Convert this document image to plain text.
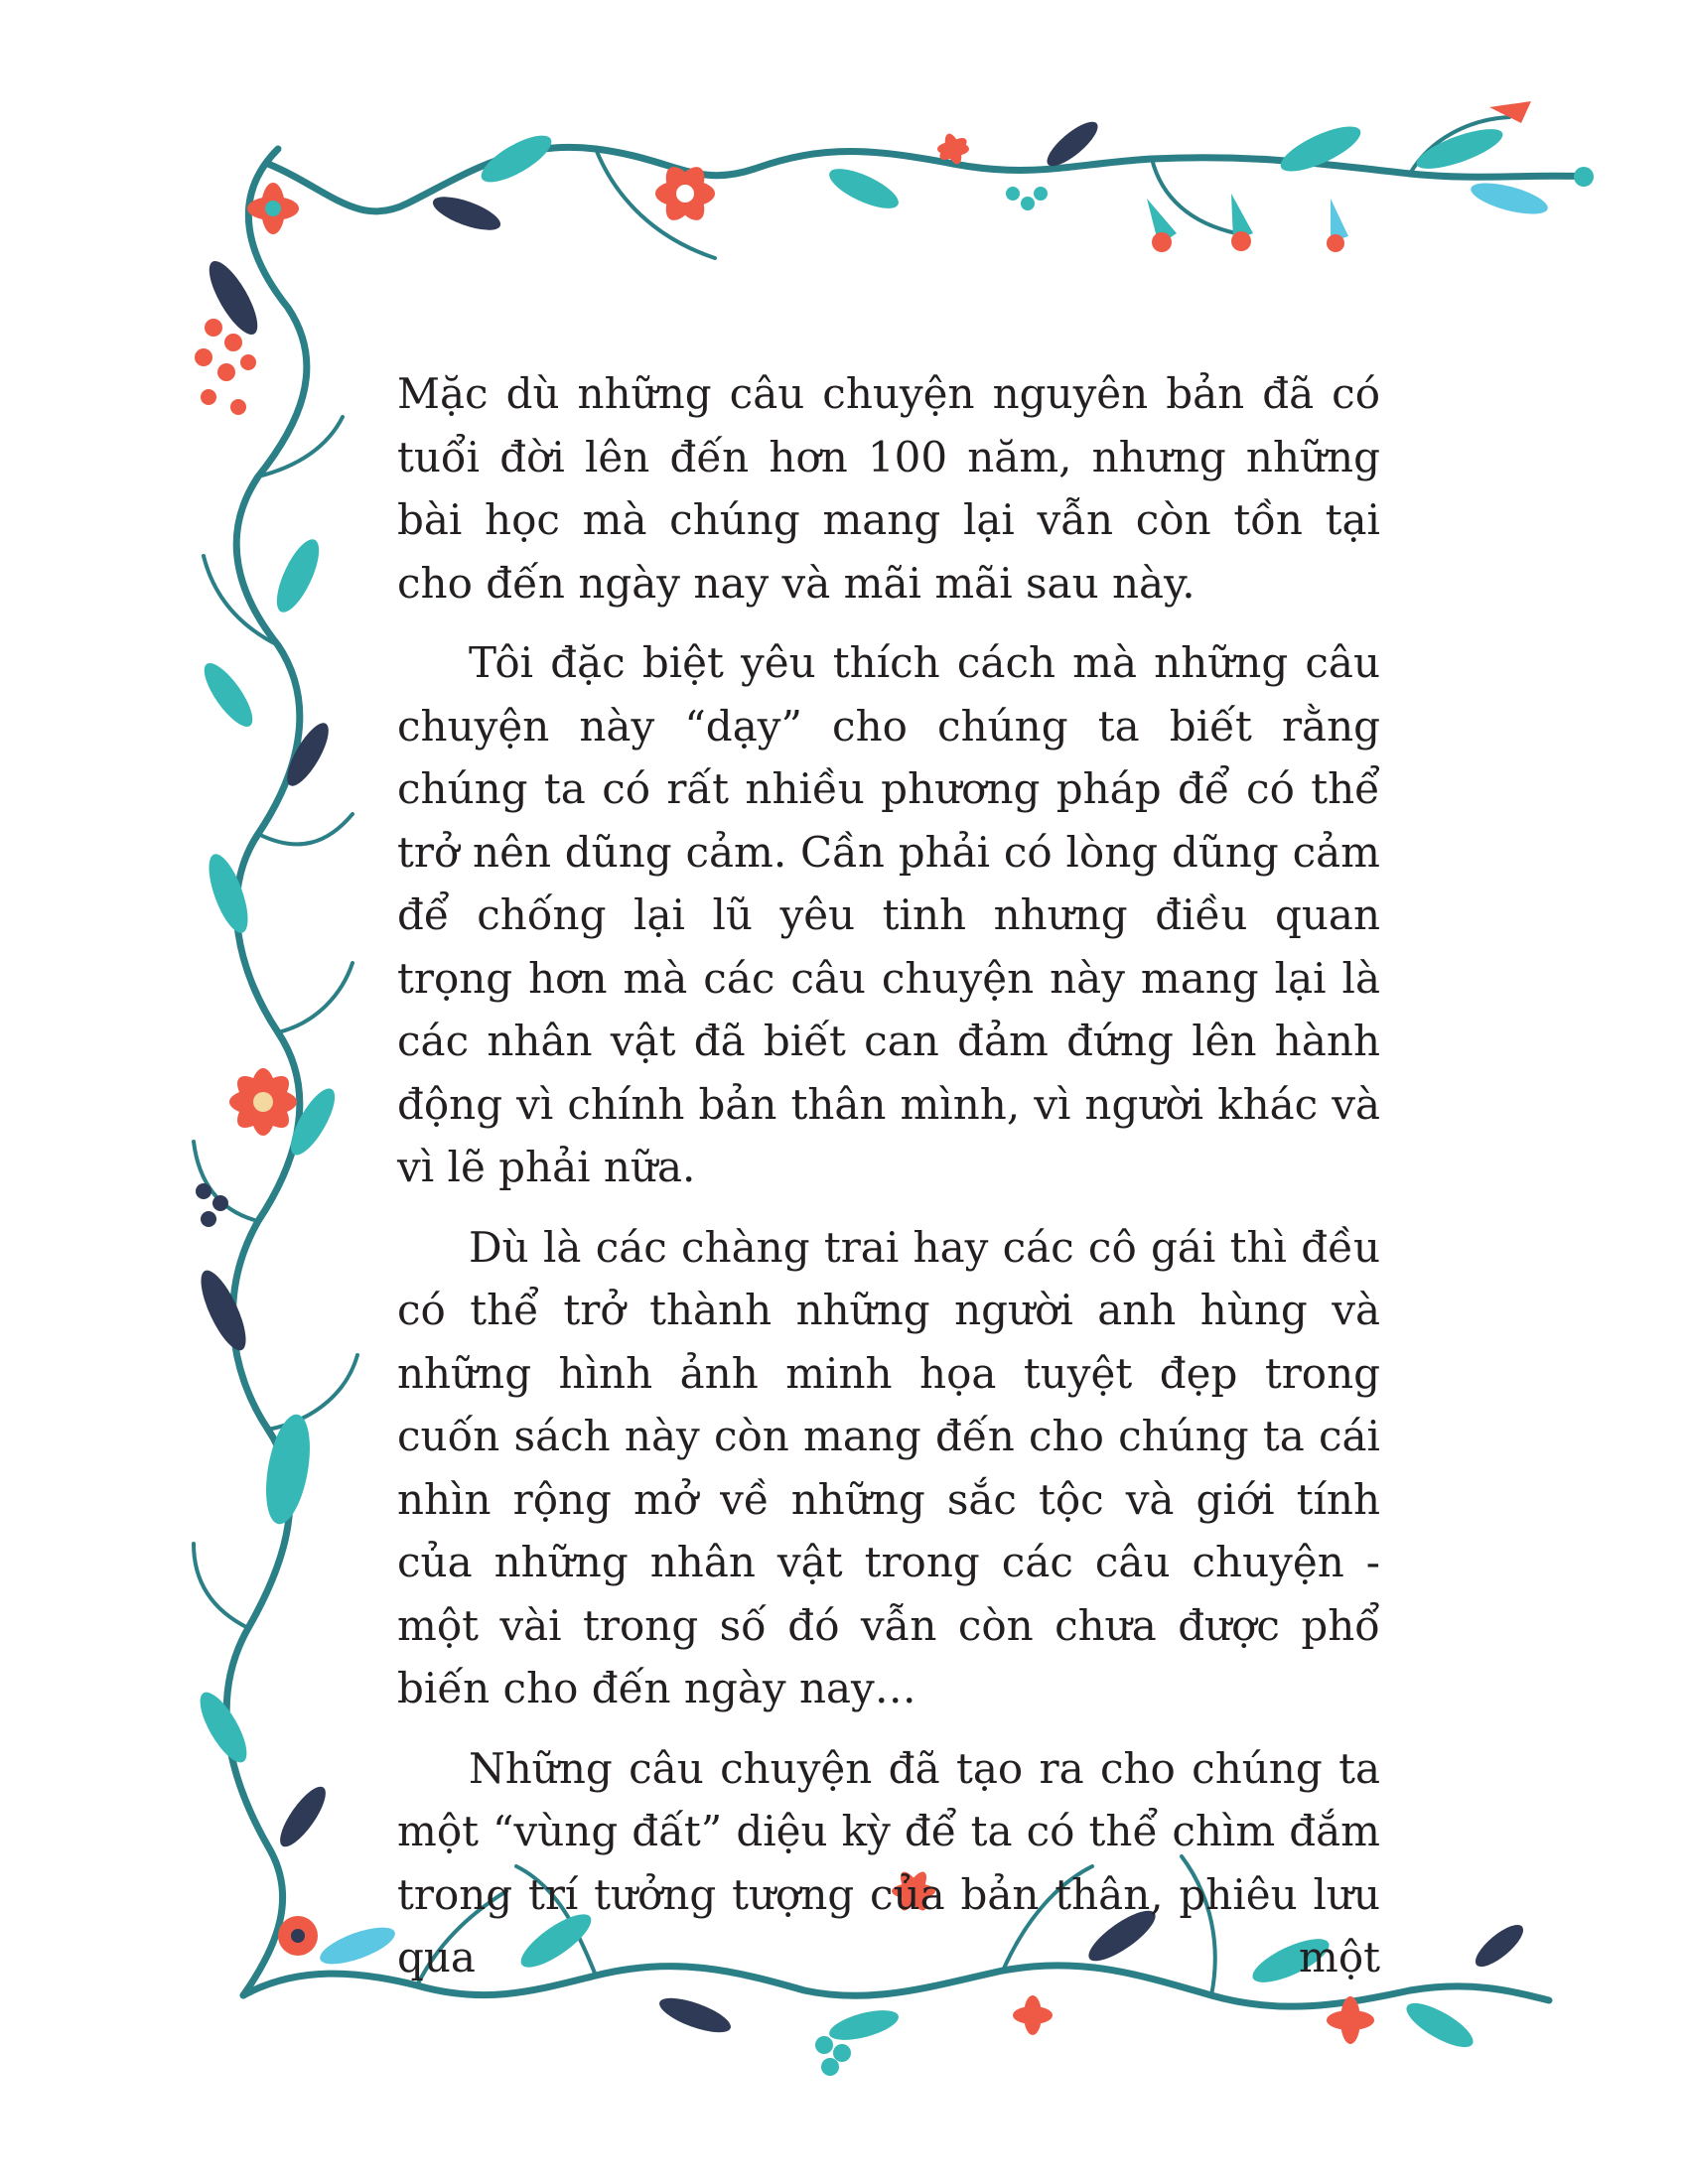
Mặc dù những câu chuyện nguyên bản đã có tuổi đời lên đến hơn 100 năm, nhưng những bài học mà chúng mang lại vẫn còn tồn tại cho đến ngày nay và mãi mãi sau này.

Tôi đặc biệt yêu thích cách mà những câu chuyện này “dạy” cho chúng ta biết rằng chúng ta có rất nhiều phương pháp để có thể trở nên dũng cảm. Cần phải có lòng dũng cảm để chống lại lũ yêu tinh nhưng điều quan trọng hơn mà các câu chuyện này mang lại là các nhân vật đã biết can đảm đứng lên hành động vì chính bản thân mình, vì người khác và vì lẽ phải nữa.

Dù là các chàng trai hay các cô gái thì đều có thể trở thành những người anh hùng và những hình ảnh minh họa tuyệt đẹp trong cuốn sách này còn mang đến cho chúng ta cái nhìn rộng mở về những sắc tộc và giới tính của những nhân vật trong các câu chuyện - một vài trong số đó vẫn còn chưa được phổ biến cho đến ngày nay…

Những câu chuyện đã tạo ra cho chúng ta một “vùng đất” diệu kỳ để ta có thể chìm đắm trong trí tưởng tượng của bản thân, phiêu lưu qua một
